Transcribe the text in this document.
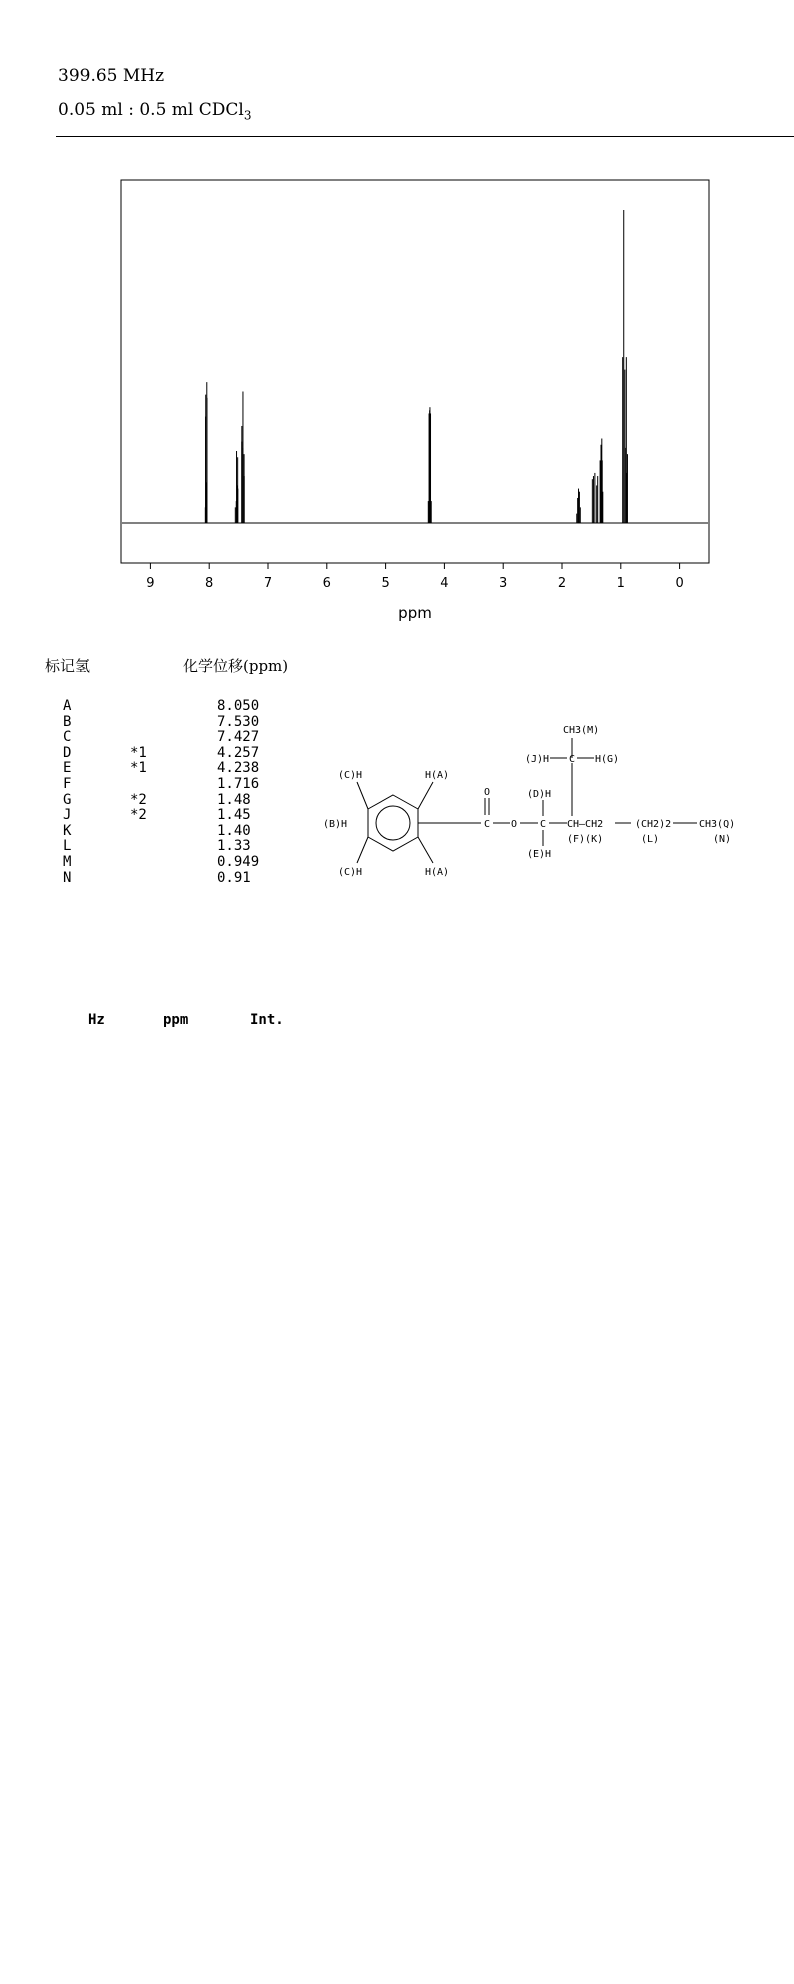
399.65 MHz
0.05 ml : 0.5 ml CDCl$_3$
9	8	7	6	5	4	3	2	1	0
ppm
标记氢	化学位移(ppm)
A	8.050
B	7.530
C	7.427
D	*1	4.257
E	*1	4.238
F	1.716
G	*2	1.48
J	*2	1.45
K	1.40
L	1.33
M	0.949
N	0.91
(C)H	H(A)
(B)H
(C)H	H(A)
O
C O C
(D)H
(E)H
(J)H C H(G)
CH3(M)
CH—CH2
(F)(K)
(CH2)2
(L)
CH3(Q)
(N)
Hz	ppm	Int.
